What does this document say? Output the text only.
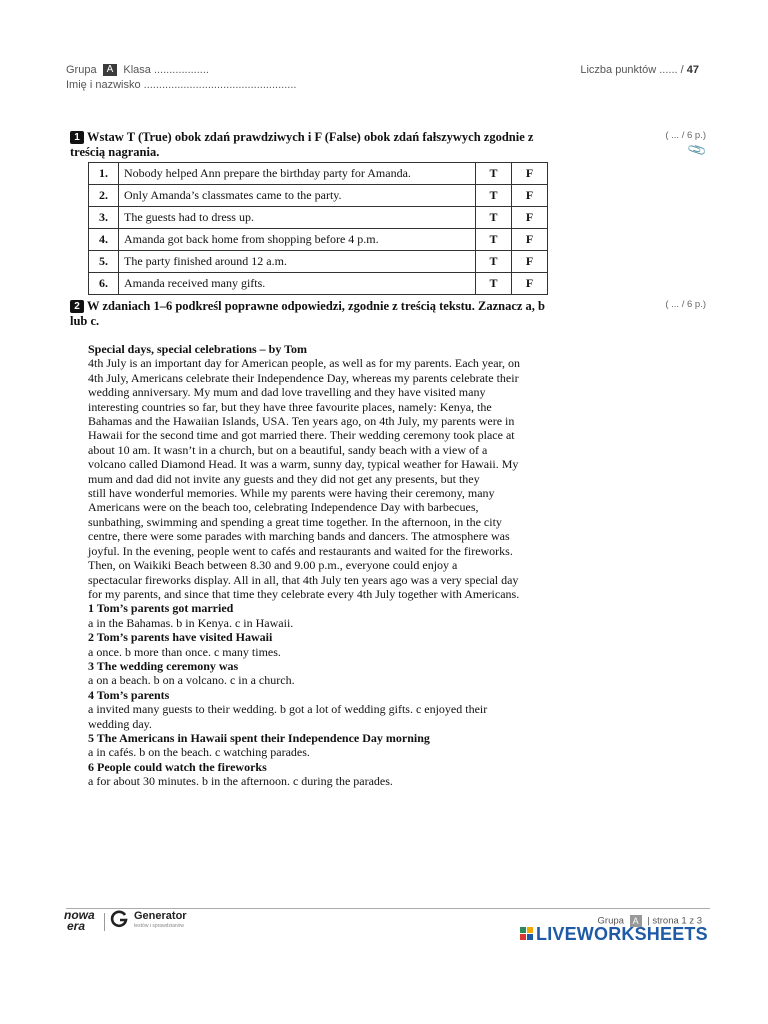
Grupa A Klasa ..................
Imię i nazwisko ..................................................
Liczba punktów ...... / 47
1 Wstaw T (True) obok zdań prawdziwych i F (False) obok zdań fałszywych zgodnie z treścią nagrania.
( ... / 6 p.)
📎
1.	Nobody helped Ann prepare the birthday party for Amanda.	T	F
2.	Only Amanda’s classmates came to the party.	T	F
3.	The guests had to dress up.	T	F
4.	Amanda got back home from shopping before 4 p.m.	T	F
5.	The party finished around 12 a.m.	T	F
6.	Amanda received many gifts.	T	F
2 W zdaniach 1–6 podkreśl poprawne odpowiedzi, zgodnie z treścią tekstu. Zaznacz a, b lub c.
( ... / 6 p.)
Special days, special celebrations – by Tom
4th July is an important day for American people, as well as for my parents. Each year, on
4th July, Americans celebrate their Independence Day, whereas my parents celebrate their
wedding anniversary. My mum and dad love travelling and they have visited many
interesting countries so far, but they have three favourite places, namely: Kenya, the
Bahamas and the Hawaiian Islands, USA. Ten years ago, on 4th July, my parents were in
Hawaii for the second time and got married there. Their wedding ceremony took place at
about 10 am. It wasn’t in a church, but on a beautiful, sandy beach with a view of a
volcano called Diamond Head. It was a warm, sunny day, typical weather for Hawaii. My
mum and dad did not invite any guests and they did not get any presents, but they
still have wonderful memories. While my parents were having their ceremony, many
Americans were on the beach too, celebrating Independence Day with barbecues,
sunbathing, swimming and spending a great time together. In the afternoon, in the city
centre, there were some parades with marching bands and dancers. The atmosphere was
joyful. In the evening, people went to cafés and restaurants and waited for the fireworks.
Then, on Waikiki Beach between 8.30 and 9.00 p.m., everyone could enjoy a
spectacular fireworks display. All in all, that 4th July ten years ago was a very special day
for my parents, and since that time they celebrate every 4th July together with Americans.
1 Tom’s parents got married
a in the Bahamas. b in Kenya. c in Hawaii.
2 Tom’s parents have visited Hawaii
a once. b more than once. c many times.
3 The wedding ceremony was
a on a beach. b on a volcano. c in a church.
4 Tom’s parents
a invited many guests to their wedding. b got a lot of wedding gifts. c enjoyed their
wedding day.
5 The Americans in Hawaii spent their Independence Day morning
a in cafés. b on the beach. c watching parades.
6 People could watch the fireworks
a for about 30 minutes. b in the afternoon. c during the parades.
nowa
era
Generator
testów i sprawdzianów	Grupa A | strona 1 z 3
LIVEWORKSHEETS
